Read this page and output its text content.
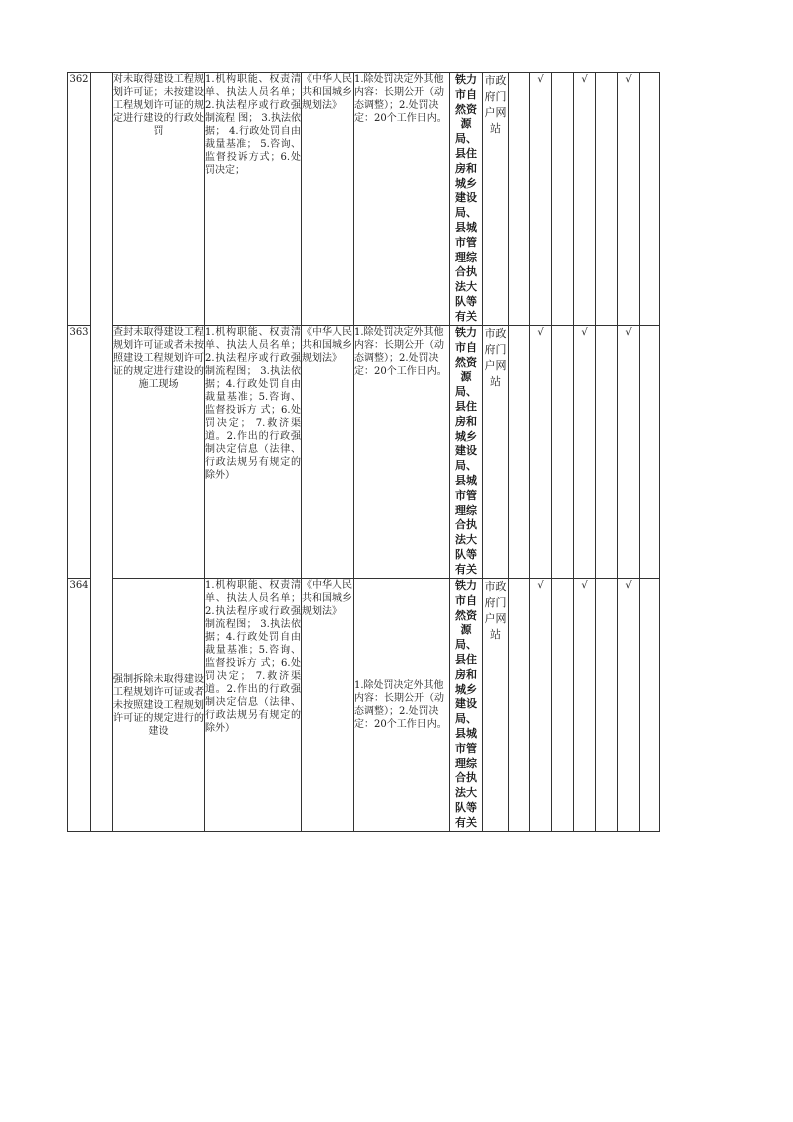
362		对未取得建设工程规划许可证；未按建设工程规划许可证的规定进行建设的行政处罚	1.机构职能、权责清单、执法人员名单； 2.执法程序或行政强制流程 图； 3.执法依 据； 4.行政处罚自由裁量基准； 5.咨询、监督投诉方式；6.处罚决定；	《中华人民共和国城乡规划法》	1.除处罚决定外其他内容：长期公开（动态调整）；2.处罚决 定：20个工作日内。	铁力市自然资源局、县住房和城乡建设局、县城市管理综合执法大队等有关	市政府门户网站		√		√		√	
363		查封未取得建设工程规划许可证或者未按照建设工程规划许可证的规定进行建设的施工现场	1.机构职能、权责清单、执法人员名单；2.执法程序或行政强制流程图； 3.执法依据；4.行政处罚自由裁量基准；5.咨询、监督投诉方 式；6.处罚决定； 7.救济渠道。2.作出的行政强制决定信息（法律、行政法规另有规定的除外）	《中华人民共和国城乡规划法》	1.除处罚决定外其他内容：长期公开（动态调整）；2.处罚决 定：20个工作日内。	铁力市自然资源局、县住房和城乡建设局、县城市管理综合执法大队等有关	市政府门户网站		√		√		√	
364		强制拆除未取得建设工程规划许可证或者未按照建设工程规划许可证的规定进行的建设	1.机构职能、权责清单、执法人员名单；2.执法程序或行政强制流程图； 3.执法依据；4.行政处罚自由裁量基准；5.咨询、监督投诉方 式；6.处罚决定； 7.救济渠道。2.作出的行政强制决定信息（法律、行政法规另有规定的除外）	《中华人民共和国城乡规划法》	1.除处罚决定外其他内容：长期公开（动态调整）；2.处罚决 定：20个工作日内。	铁力市自然资源局、县住房和城乡建设局、县城市管理综合执法大队等有关	市政府门户网站		√		√		√	
